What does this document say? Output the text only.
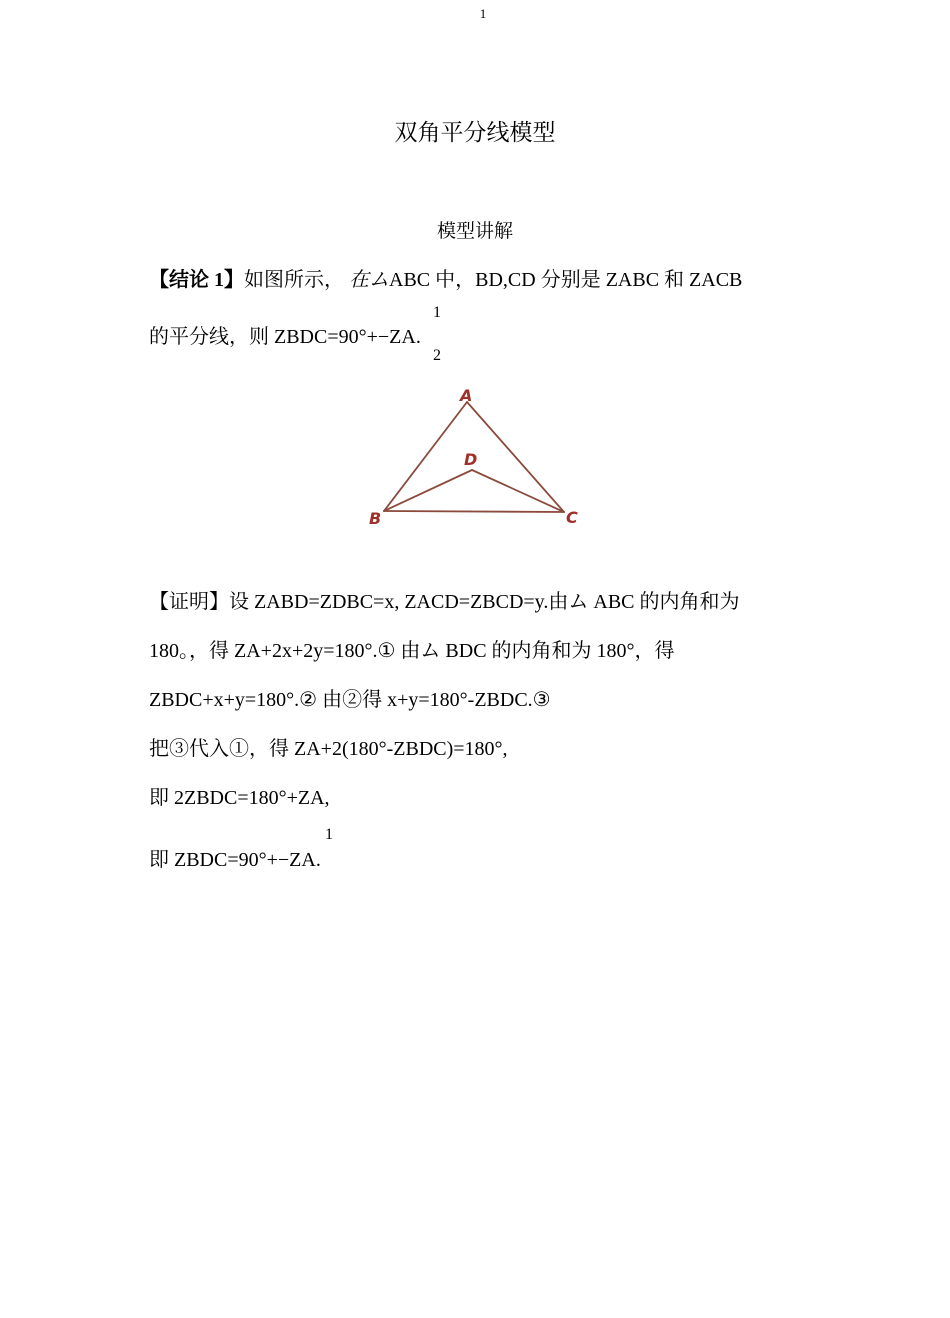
1
双角平分线模型
模型讲解
【结论 1】如图所示， 在ムABC 中，BD,CD 分别是 ZABC 和 ZACB
1
的平分线，则 ZBDC=90°+−ZA.
2
A
D
B	C
【证明】设 ZABD=ZDBC=x, ZACD=ZBCD=y.由ム ABC 的内角和为
180。，得 ZA+2x+2y=180°.① 由ム BDC 的内角和为 180°，得
ZBDC+x+y=180°.② 由②得 x+y=180°-ZBDC.③
把③代入①，得 ZA+2(180°-ZBDC)=180°,
即 2ZBDC=180°+ZA,
1
即 ZBDC=90°+−ZA.
